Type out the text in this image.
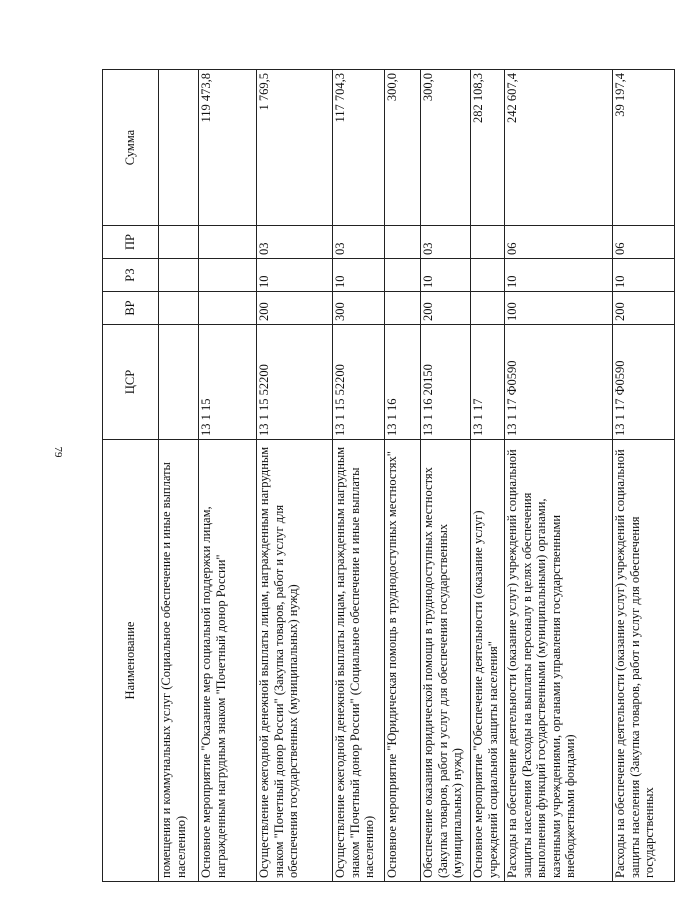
79
Наименование	ЦСР	ВР	РЗ	ПР	Сумма
помещения и коммунальных услуг (Социальное обеспечение и иные выплаты населению)					
Основное мероприятие "Оказание мер социальной поддержки лицам, награжденным нагрудным знаком "Почетный донор России"	13 1 15				119 473,8
Осуществление ежегодной денежной выплаты лицам, награжденным нагрудным знаком "Почетный донор России" (Закупка товаров, работ и услуг для обеспечения государственных (муниципальных) нужд)	13 1 15 52200	200	10	03	1 769,5
Осуществление ежегодной денежной выплаты лицам, награжденным нагрудным знаком "Почетный донор России" (Социальное обеспечение и иные выплаты населению)	13 1 15 52200	300	10	03	117 704,3
Основное мероприятие "Юридическая помощь в труднодоступных местностях"	13 1 16				300,0
Обеспечение оказания юридической помощи в труднодоступных местностях (Закупка товаров, работ и услуг для обеспечения государственных (муниципальных) нужд)	13 1 16 20150	200	10	03	300,0
Основное мероприятие "Обеспечение деятельности (оказание услуг) учреждений социальной защиты населения"	13 1 17				282 108,3
Расходы на обеспечение деятельности (оказание услуг) учреждений социальной защиты населения (Расходы на выплаты персоналу в целях обеспечения выполнения функций государственными (муниципальными) органами, казенными учреждениями, органами управления государственными внебюджетными фондами)	13 1 17 Ф0590	100	10	06	242 607,4
Расходы на обеспечение деятельности (оказание услуг) учреждений социальной защиты населения (Закупка товаров, работ и услуг для обеспечения государственных	13 1 17 Ф0590	200	10	06	39 197,4
